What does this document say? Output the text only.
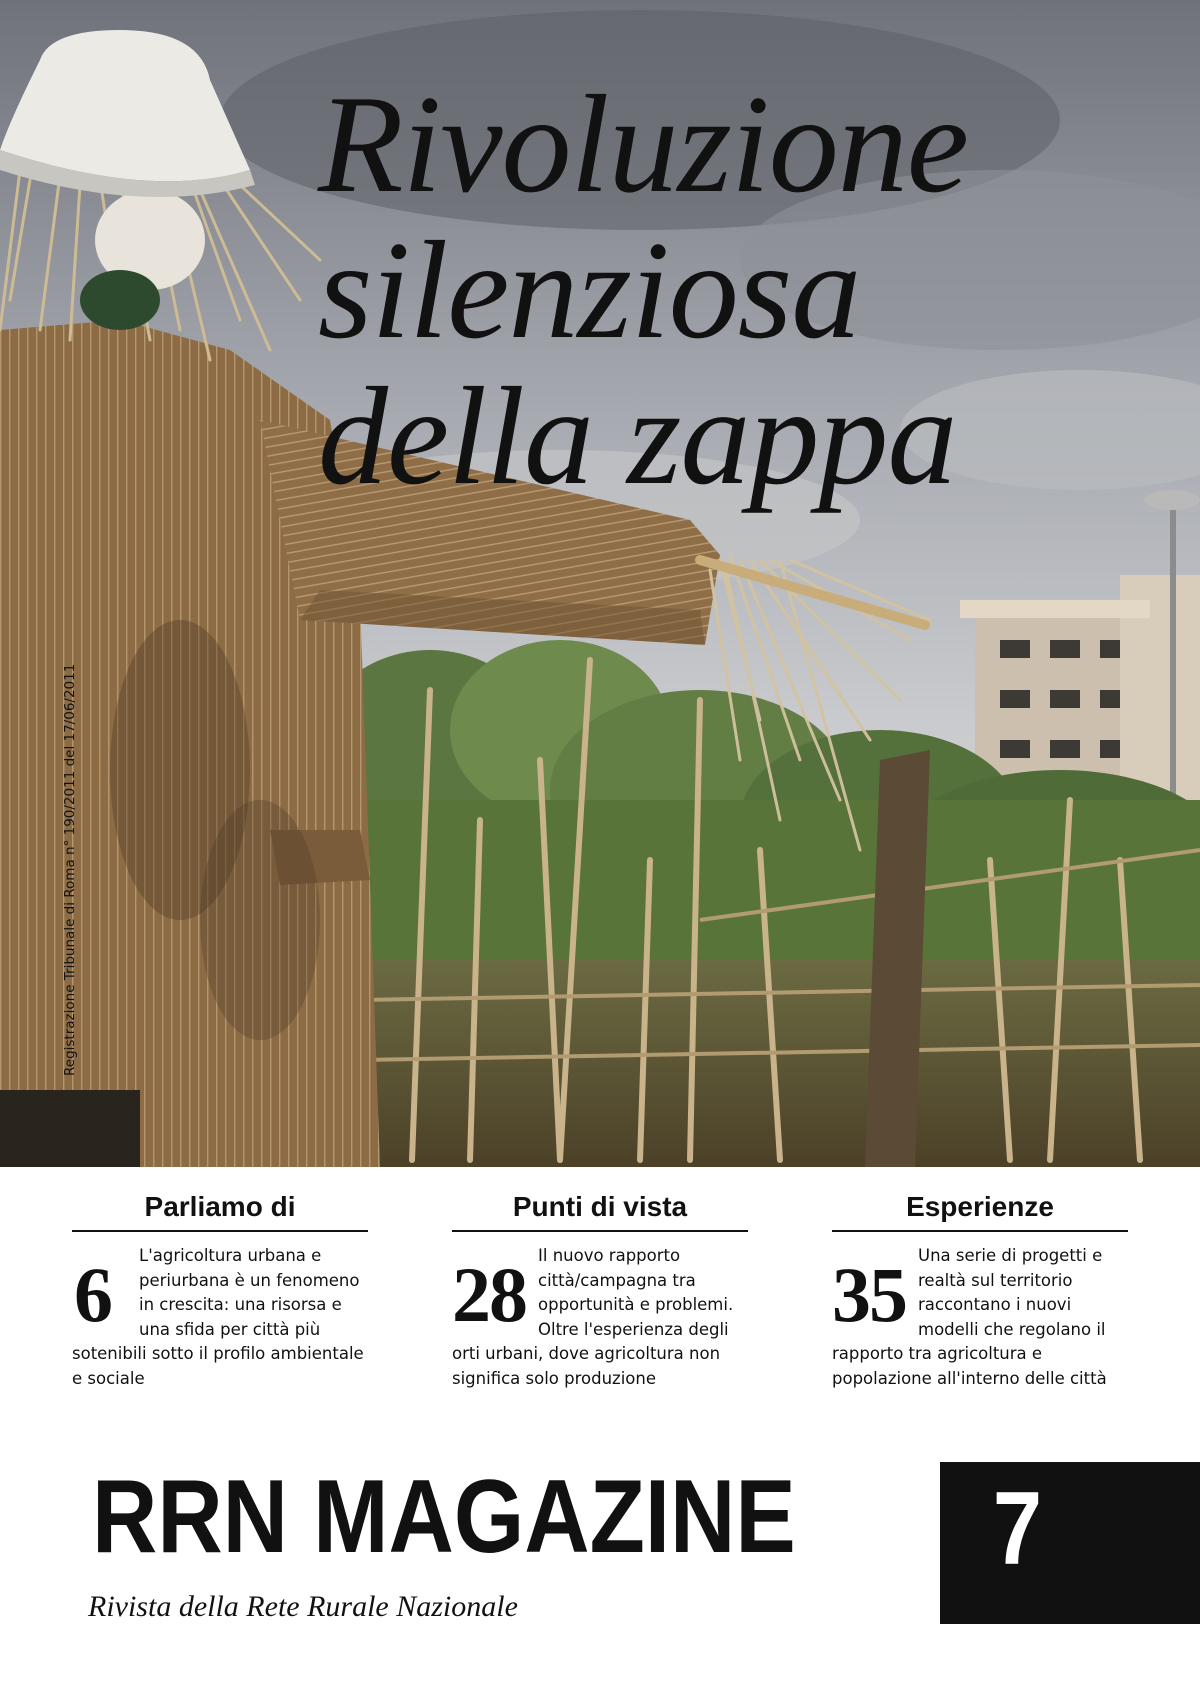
Rivoluzione
silenziosa
della zappa
Registrazione Tribunale di Roma n° 190/2011 del 17/06/2011
Parliamo di
6	L'agricoltura urbana e periurbana è un fenomeno in crescita: una risorsa e una sfida per città più sotenibili sotto il profilo ambientale e sociale

Punti di vista
28 Il nuovo rapporto città/campagna tra opportunità e problemi. Oltre l'esperienza degli orti urbani, dove agricoltura non significa solo produzione

Esperienze
35 Una serie di progetti e realtà sul territorio raccontano i nuovi modelli che regolano il rapporto tra agricoltura e popolazione all'interno delle città

RRN MAGAZINE

Rivista della Rete Rurale Nazionale

7
